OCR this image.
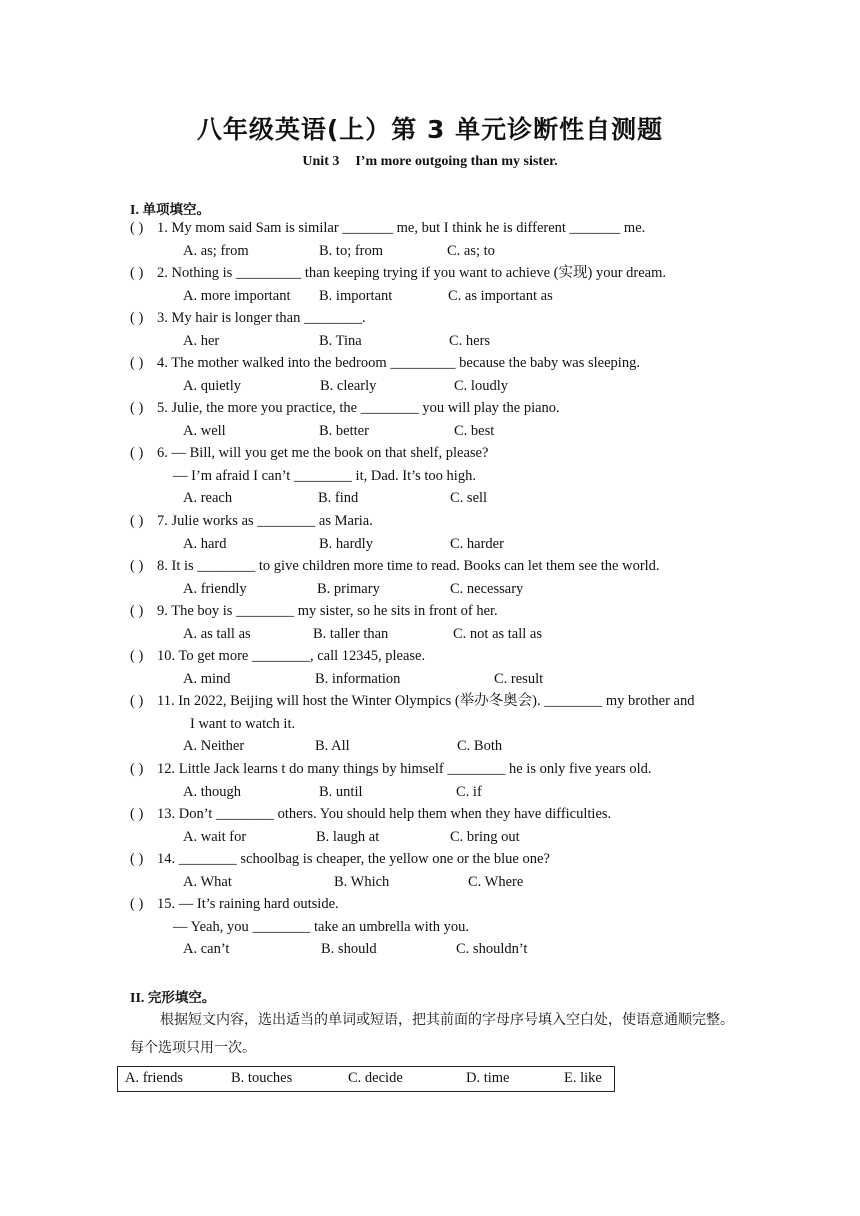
八年级英语(上）第 3 单元诊断性自测题
Unit 3 I’m more outgoing than my sister.
I. 单项填空。
( ) 1. My mom said Sam is similar _______ me, but I think he is different _______ me.
A. as; from	B. to; from	C. as; to
( ) 2. Nothing is _________ than keeping trying if you want to achieve (实现) your dream.
A. more important B. important	C. as important as
( ) 3. My hair is longer than ________.
A. her	B. Tina	C. hers
( ) 4. The mother walked into the bedroom _________ because the baby was sleeping.
A. quietly	B. clearly	C. loudly
( ) 5. Julie, the more you practice, the ________ you will play the piano.
A. well	B. better	C. best
( ) 6. — Bill, will you get me the book on that shelf, please?
— I’m afraid I can’t ________ it, Dad. It’s too high.
A. reach	B. find	C. sell
( ) 7. Julie works as ________ as Maria.
A. hard	B. hardly	C. harder
( ) 8. It is ________ to give children more time to read. Books can let them see the world.
A. friendly	B. primary	C. necessary
( ) 9. The boy is ________ my sister, so he sits in front of her.
A. as tall as	B. taller than	C. not as tall as
( ) 10. To get more ________, call 12345, please.
A. mind	B. information	C. result
( ) 11. In 2022, Beijing will host the Winter Olympics (举办冬奥会). ________ my brother and
I want to watch it.
A. Neither	B. All	C. Both
( ) 12. Little Jack learns t do many things by himself ________ he is only five years old.
A. though	B. until	C. if
( ) 13. Don’t ________ others. You should help them when they have difficulties.
A. wait for	B. laugh at	C. bring out
( ) 14. ________ schoolbag is cheaper, the yellow one or the blue one?
A. What	B. Which	C. Where
( ) 15. — It’s raining hard outside.
— Yeah, you ________ take an umbrella with you.
A. can’t	B. should	C. shouldn’t
II. 完形填空。
根据短文内容，选出适当的单词或短语，把其前面的字母序号填入空白处，使语意通顺完整。每个选项只用一次。
A. friends	B. touches	C. decide	D. time	E. like
